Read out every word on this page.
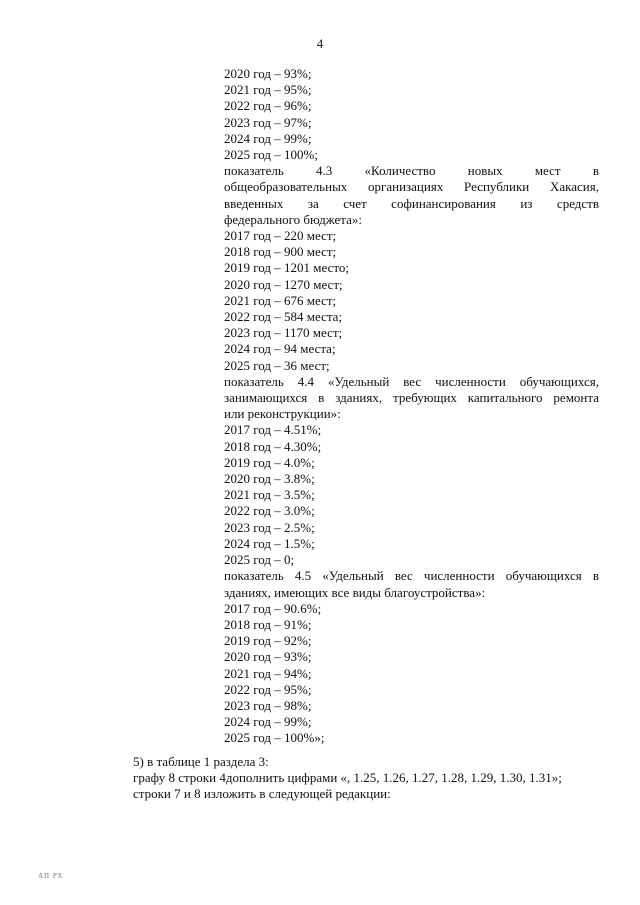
4
2020 год – 93%;
2021 год – 95%;
2022 год – 96%;
2023 год – 97%;
2024 год – 99%;
2025 год – 100%;
показатель 4.3 «Количество новых мест в
общеобразовательных организациях Республики Хакасия,
введенных за счет софинансирования из средств
федерального бюджета»:
2017 год – 220 мест;
2018 год – 900 мест;
2019 год – 1201 место;
2020 год – 1270 мест;
2021 год – 676 мест;
2022 год – 584 места;
2023 год – 1170 мест;
2024 год – 94 места;
2025 год – 36 мест;
показатель 4.4 «Удельный вес численности обучающихся,
занимающихся в зданиях, требующих капитального ремонта
или реконструкции»:
2017 год – 4.51%;
2018 год – 4.30%;
2019 год – 4.0%;
2020 год – 3.8%;
2021 год – 3.5%;
2022 год – 3.0%;
2023 год – 2.5%;
2024 год – 1.5%;
2025 год – 0;
показатель 4.5 «Удельный вес численности обучающихся в
зданиях, имеющих все виды благоустройства»:
2017 год – 90.6%;
2018 год – 91%;
2019 год – 92%;
2020 год – 93%;
2021 год – 94%;
2022 год – 95%;
2023 год – 98%;
2024 год – 99%;
2025 год – 100%»;
5) в таблице 1 раздела 3:
графу 8 строки 4дополнить цифрами «, 1.25, 1.26, 1.27, 1.28, 1.29, 1.30, 1.31»;
строки 7 и 8 изложить в следующей редакции:
АП РХ
